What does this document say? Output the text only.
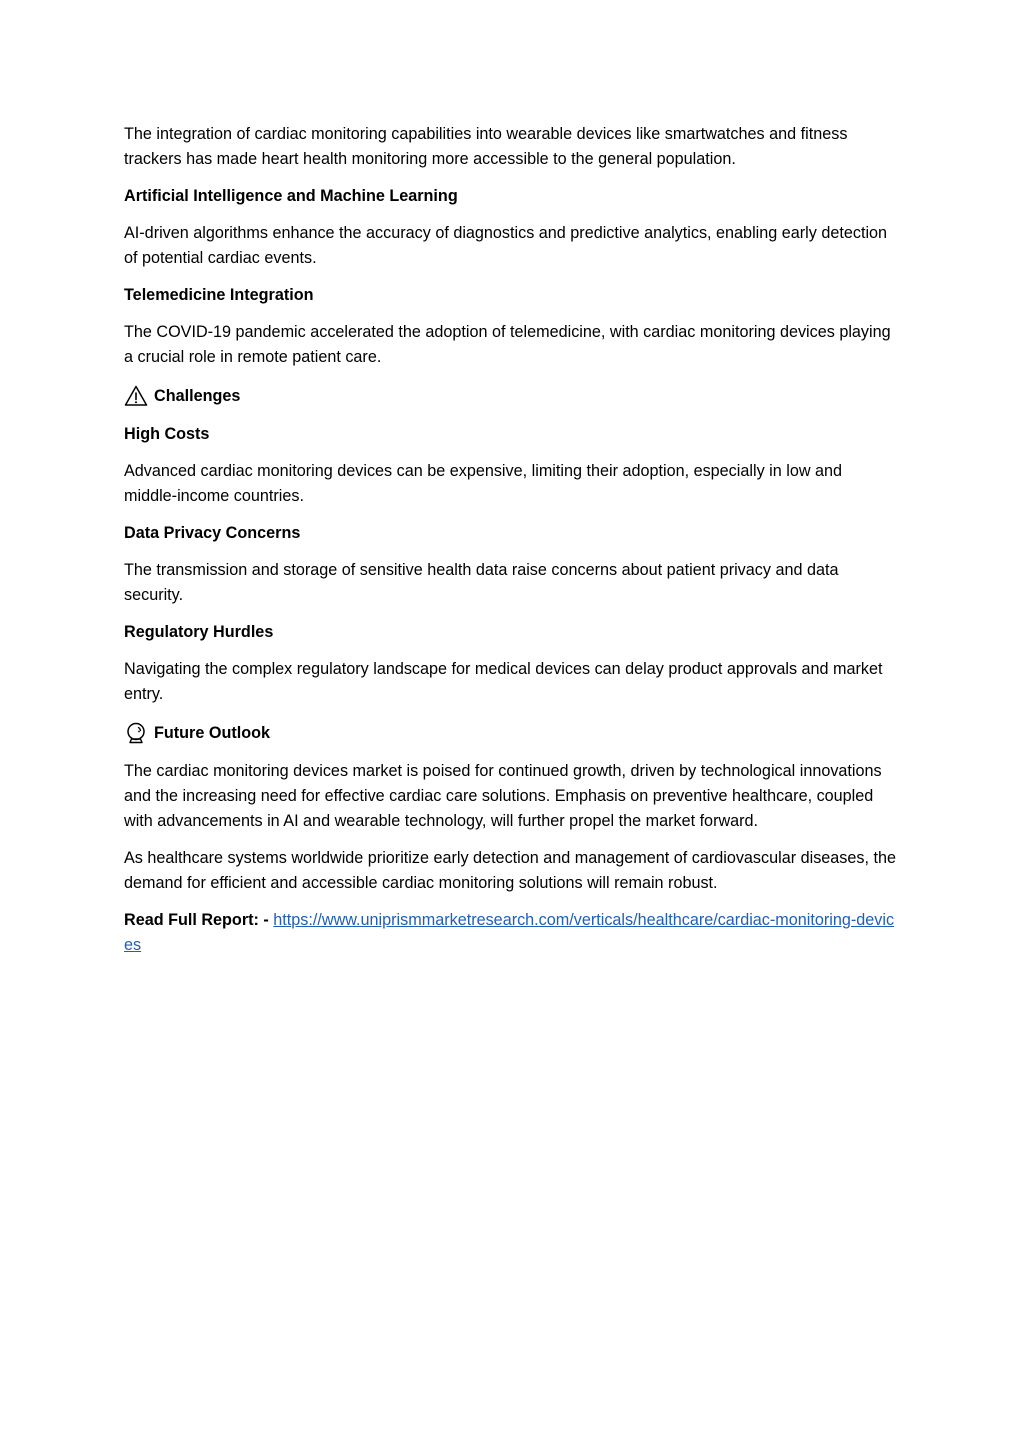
The integration of cardiac monitoring capabilities into wearable devices like smartwatches and fitness trackers has made heart health monitoring more accessible to the general population.

Artificial Intelligence and Machine Learning

AI-driven algorithms enhance the accuracy of diagnostics and predictive analytics, enabling early detection of potential cardiac events.

Telemedicine Integration

The COVID-19 pandemic accelerated the adoption of telemedicine, with cardiac monitoring devices playing a crucial role in remote patient care.

Challenges

High Costs

Advanced cardiac monitoring devices can be expensive, limiting their adoption, especially in low and middle-income countries.

Data Privacy Concerns

The transmission and storage of sensitive health data raise concerns about patient privacy and data security.

Regulatory Hurdles

Navigating the complex regulatory landscape for medical devices can delay product approvals and market entry.

Future Outlook

The cardiac monitoring devices market is poised for continued growth, driven by technological innovations and the increasing need for effective cardiac care solutions. Emphasis on preventive healthcare, coupled with advancements in AI and wearable technology, will further propel the market forward.

As healthcare systems worldwide prioritize early detection and management of cardiovascular diseases, the demand for efficient and accessible cardiac monitoring solutions will remain robust.

Read Full Report: - https://www.uniprismmarketresearch.com/verticals/healthcare/cardiac-monitoring-devices
